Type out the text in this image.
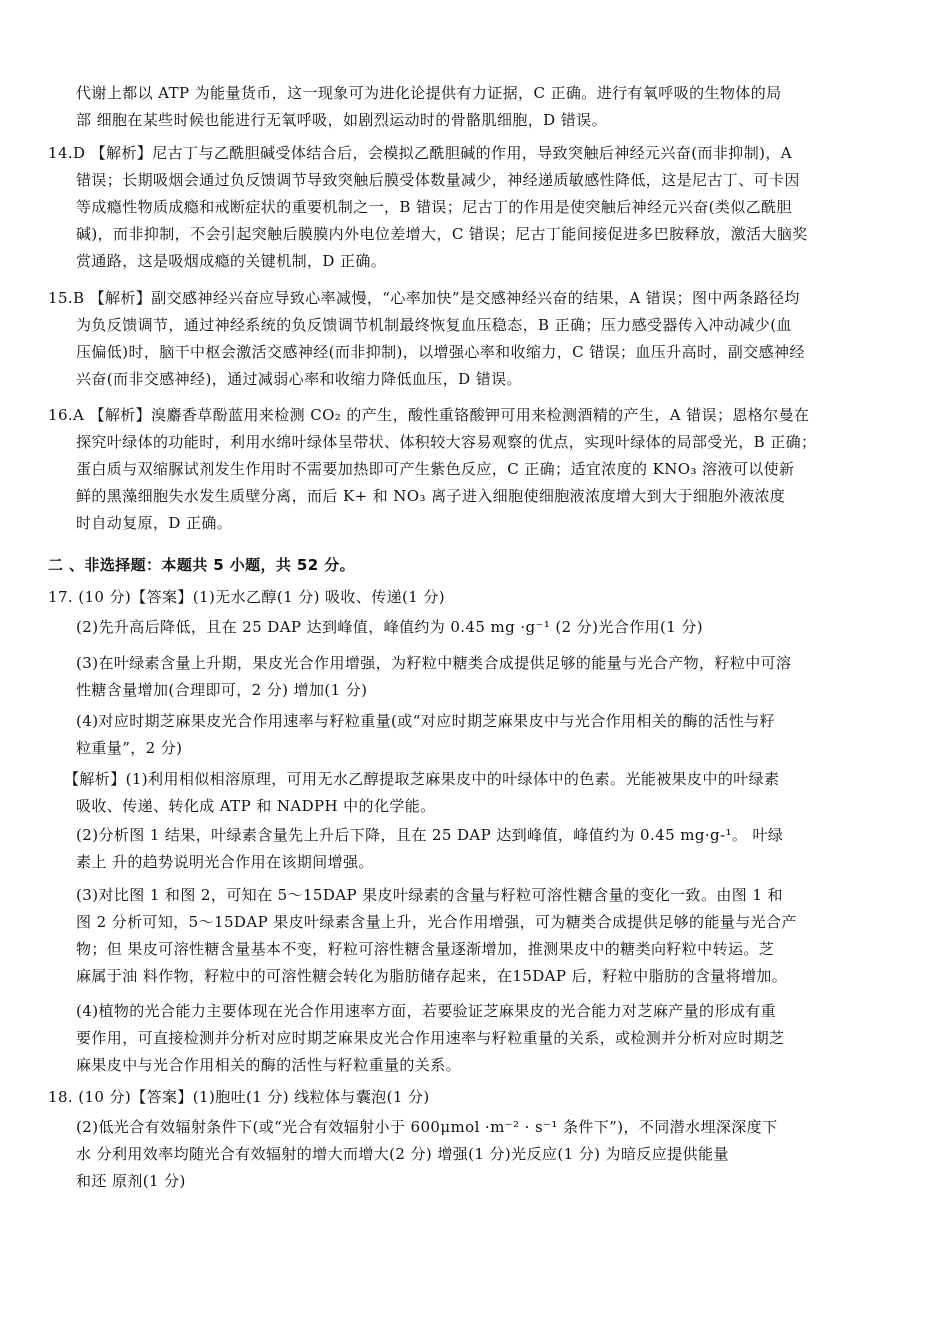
代谢上都以 ATP 为能量货币，这一现象可为进化论提供有力证据，C 正确。进行有氧呼吸的生物体的局
部 细胞在某些时候也能进行无氧呼吸，如剧烈运动时的骨骼肌细胞，D 错误。
14.D 【解析】尼古丁与乙酰胆碱受体结合后，会模拟乙酰胆碱的作用，导致突触后神经元兴奋(而非抑制)，A
错误；长期吸烟会通过负反馈调节导致突触后膜受体数量减少，神经递质敏感性降低，这是尼古丁、可卡因
等成瘾性物质成瘾和戒断症状的重要机制之一，B 错误；尼古丁的作用是使突触后神经元兴奋(类似乙酰胆
碱)，而非抑制，不会引起突触后膜膜内外电位差增大，C 错误；尼古丁能间接促进多巴胺释放，激活大脑奖
赏通路，这是吸烟成瘾的关键机制，D 正确。
15.B 【解析】副交感神经兴奋应导致心率减慢，“心率加快”是交感神经兴奋的结果，A 错误；图中两条路径均
为负反馈调节，通过神经系统的负反馈调节机制最终恢复血压稳态，B 正确；压力感受器传入冲动减少(血
压偏低)时，脑干中枢会激活交感神经(而非抑制)，以增强心率和收缩力，C 错误；血压升高时，副交感神经
兴奋(而非交感神经)，通过减弱心率和收缩力降低血压，D 错误。
16.A 【解析】溴麝香草酚蓝用来检测 CO₂ 的产生，酸性重铬酸钾可用来检测酒精的产生，A 错误；恩格尔曼在
探究叶绿体的功能时，利用水绵叶绿体呈带状、体积较大容易观察的优点，实现叶绿体的局部受光，B 正确；
蛋白质与双缩脲试剂发生作用时不需要加热即可产生紫色反应，C 正确；适宜浓度的 KNO₃ 溶液可以使新
鲜的黑藻细胞失水发生质壁分离，而后 K+ 和 NO₃ 离子进入细胞使细胞液浓度增大到大于细胞外液浓度
时自动复原，D 正确。
二 、非选择题：本题共 5 小题，共 52 分。
17. (10 分)【答案】(1)无水乙醇(1 分) 吸收、传递(1 分)
(2)先升高后降低，且在 25 DAP 达到峰值，峰值约为 0.45 mg ·g⁻¹ (2 分)光合作用(1 分)
(3)在叶绿素含量上升期，果皮光合作用增强，为籽粒中糖类合成提供足够的能量与光合产物，籽粒中可溶
性糖含量增加(合理即可，2 分) 增加(1 分)
(4)对应时期芝麻果皮光合作用速率与籽粒重量(或“对应时期芝麻果皮中与光合作用相关的酶的活性与籽
粒重量”，2 分)
【解析】(1)利用相似相溶原理，可用无水乙醇提取芝麻果皮中的叶绿体中的色素。光能被果皮中的叶绿素
吸收、传递、转化成 ATP 和 NADPH 中的化学能。
(2)分析图 1 结果，叶绿素含量先上升后下降，且在 25 DAP 达到峰值，峰值约为 0.45 mg·g-¹。 叶绿
素上 升的趋势说明光合作用在该期间增强。
(3)对比图 1 和图 2，可知在 5～15DAP 果皮叶绿素的含量与籽粒可溶性糖含量的变化一致。由图 1 和
图 2 分析可知，5～15DAP 果皮叶绿素含量上升，光合作用增强，可为糖类合成提供足够的能量与光合产
物；但 果皮可溶性糖含量基本不变，籽粒可溶性糖含量逐渐增加，推测果皮中的糖类向籽粒中转运。芝
麻属于油 料作物，籽粒中的可溶性糖会转化为脂肪储存起来，在15DAP 后，籽粒中脂肪的含量将增加。
(4)植物的光合能力主要体现在光合作用速率方面，若要验证芝麻果皮的光合能力对芝麻产量的形成有重
要作用，可直接检测并分析对应时期芝麻果皮光合作用速率与籽粒重量的关系，或检测并分析对应时期芝
麻果皮中与光合作用相关的酶的活性与籽粒重量的关系。
18. (10 分)【答案】(1)胞吐(1 分) 线粒体与囊泡(1 分)
(2)低光合有效辐射条件下(或“光合有效辐射小于 600μmol ·m⁻² · s⁻¹ 条件下”)，不同潜水埋深深度下
水 分利用效率均随光合有效辐射的增大而增大(2 分) 增强(1 分)光反应(1 分) 为暗反应提供能量
和还 原剂(1 分)
